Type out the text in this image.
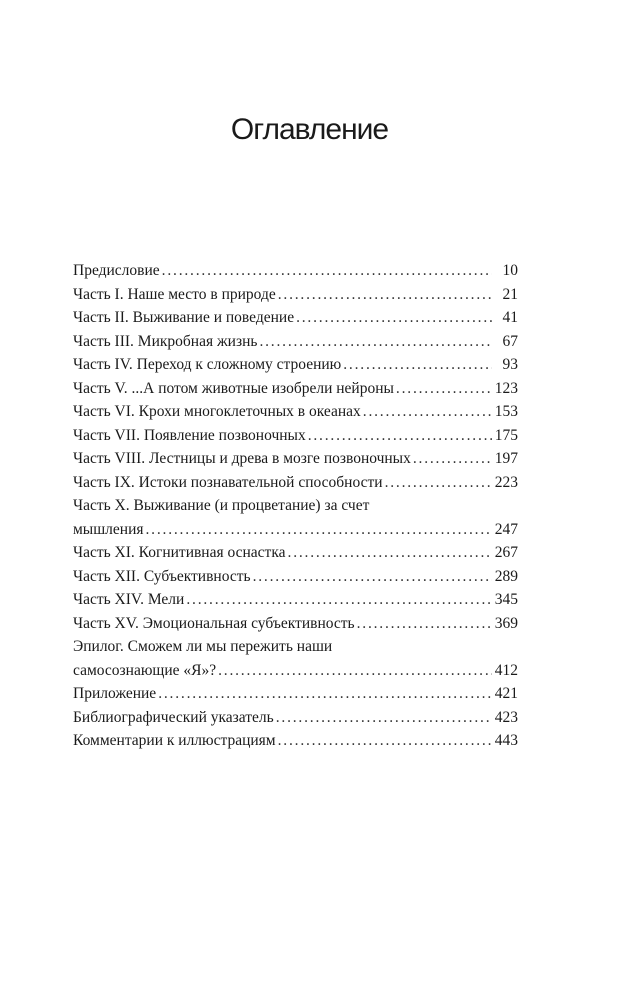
Оглавление
Предисловие .....	10
Часть I. Наше место в природе .....	21
Часть II. Выживание и поведение .....	41
Часть III. Микробная жизнь .....	67
Часть IV. Переход к сложному строению .....	93
Часть V. ...А потом животные изобрели нейроны .....	123
Часть VI. Крохи многоклеточных в океанах .....	153
Часть VII. Появление позвоночных .....	175
Часть VIII. Лестницы и древа в мозге позвоночных .....	197
Часть IX. Истоки познавательной способности .....	223
Часть X. Выживание (и процветание) за счет
мышления .....	247
Часть XI. Когнитивная оснастка .....	267
Часть XII. Субъективность .....	289
Часть XIV. Мели .....	345
Часть XV. Эмоциональная субъективность .....	369
Эпилог. Сможем ли мы пережить наши
самосознающие «Я»? .....	412
Приложение .....	421
Библиографический указатель .....	423
Комментарии к иллюстрациям .....	443
